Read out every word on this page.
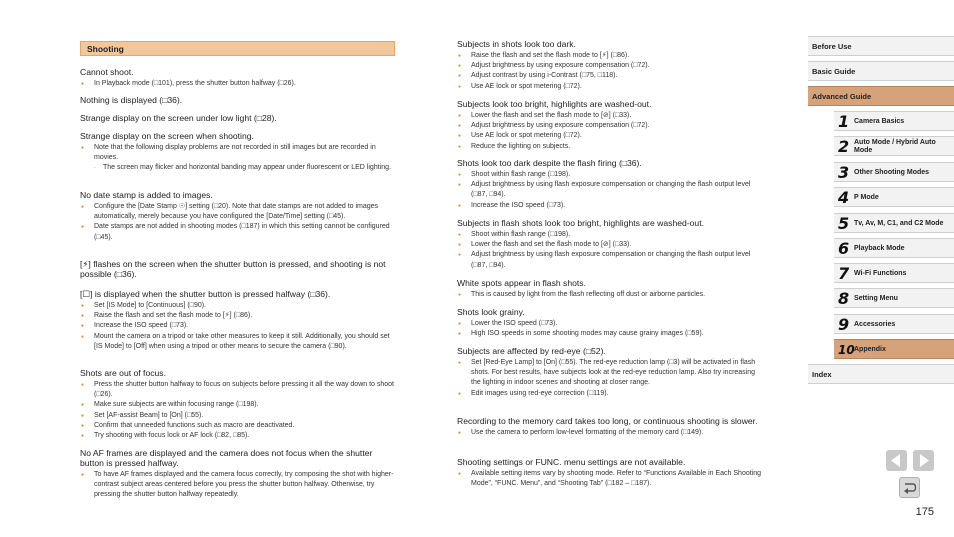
Shooting
Cannot shoot.
● In Playback mode (□101), press the shutter button halfway (□26).
Nothing is displayed (□36).
Strange display on the screen under low light (□28).
Strange display on the screen when shooting.
● Note that the following display problems are not recorded in still images but are recorded in movies.
- The screen may flicker and horizontal banding may appear under fluorescent or LED lighting.
No date stamp is added to images.
● Configure the [Date Stamp ☉] setting (□20). Note that date stamps are not added to images automatically, merely because you have configured the [Date/Time] setting (□45).
● Date stamps are not added in shooting modes (□187) in which this setting cannot be configured (□45).
[⚡] flashes on the screen when the shutter button is pressed, and shooting is not possible (□36).
[☐] is displayed when the shutter button is pressed halfway (□36).
● Set [IS Mode] to [Continuous] (□90).
● Raise the flash and set the flash mode to [⚡] (□86).
● Increase the ISO speed (□73).
● Mount the camera on a tripod or take other measures to keep it still. Additionally, you should set [IS Mode] to [Off] when using a tripod or other means to secure the camera (□90).
Shots are out of focus.
● Press the shutter button halfway to focus on subjects before pressing it all the way down to shoot (□26).
● Make sure subjects are within focusing range (□198).
● Set [AF-assist Beam] to [On] (□55).
● Confirm that unneeded functions such as macro are deactivated.
● Try shooting with focus lock or AF lock (□82, □85).
No AF frames are displayed and the camera does not focus when the shutter button is pressed halfway.
● To have AF frames displayed and the camera focus correctly, try composing the shot with higher-contrast subject areas centered before you press the shutter button halfway. Otherwise, try pressing the shutter button halfway repeatedly.
Subjects in shots look too dark.
● Raise the flash and set the flash mode to [⚡] (□86).
● Adjust brightness by using exposure compensation (□72).
● Adjust contrast by using i-Contrast (□75, □118).
● Use AE lock or spot metering (□72).
Subjects look too bright, highlights are washed-out.
● Lower the flash and set the flash mode to [⊘] (□33).
● Adjust brightness by using exposure compensation (□72).
● Use AE lock or spot metering (□72).
● Reduce the lighting on subjects.
Shots look too dark despite the flash firing (□36).
● Shoot within flash range (□198).
● Adjust brightness by using flash exposure compensation or changing the flash output level (□87, □94).
● Increase the ISO speed (□73).
Subjects in flash shots look too bright, highlights are washed-out.
● Shoot within flash range (□198).
● Lower the flash and set the flash mode to [⊘] (□33).
● Adjust brightness by using flash exposure compensation or changing the flash output level (□87, □94).
White spots appear in flash shots.
● This is caused by light from the flash reflecting off dust or airborne particles.
Shots look grainy.
● Lower the ISO speed (□73).
● High ISO speeds in some shooting modes may cause grainy images (□59).
Subjects are affected by red-eye (□52).
● Set [Red-Eye Lamp] to [On] (□55). The red-eye reduction lamp (□3) will be activated in flash shots. For best results, have subjects look at the red-eye reduction lamp. Also try increasing the lighting in indoor scenes and shooting at closer range.
● Edit images using red-eye correction (□119).
Recording to the memory card takes too long, or continuous shooting is slower.
● Use the camera to perform low-level formatting of the memory card (□149).
Shooting settings or FUNC. menu settings are not available.
● Available setting items vary by shooting mode. Refer to “Functions Available in Each Shooting Mode”, “FUNC. Menu”, and “Shooting Tab” (□182 – □187).
Before Use
Basic Guide
Advanced Guide
1 Camera Basics
2 Auto Mode / Hybrid Auto Mode
3 Other Shooting Modes
4 P Mode
5 Tv, Av, M, C1, and C2 Mode
6 Playback Mode
7 Wi-Fi Functions
8 Setting Menu
9 Accessories
10 Appendix
Index
175
